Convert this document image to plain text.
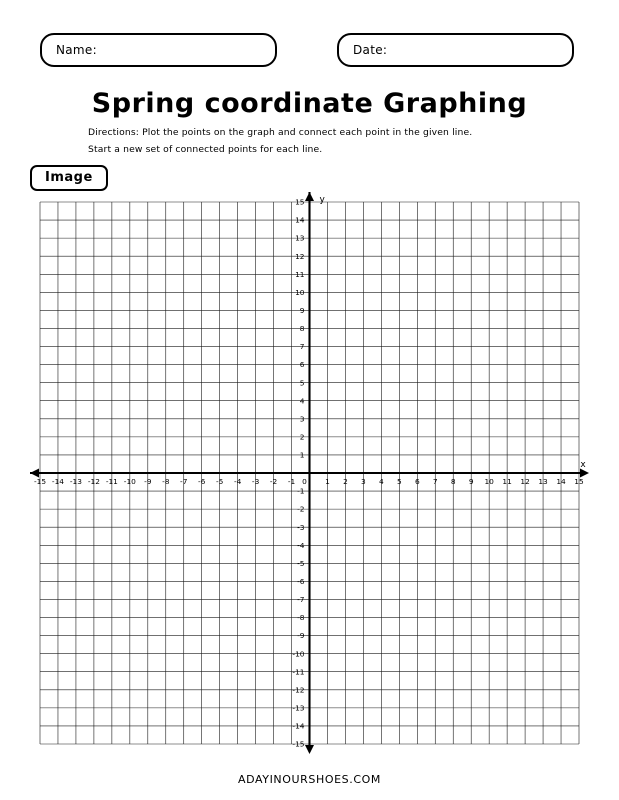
Name:	Date:
Spring coordinate Graphing
Directions: Plot the points on the graph and connect each point in the given line.
Start a new set of connected points for each line.
Image
-15 -14 -13 -12 -11 -10 -9 -8 -7 -6 -5 -4 -3 -2 -1	1 2 3 4 5 6 7 8 9 10 11 12 13 14 15
0
15
14
13
12
11
10
9
8
7
6
5
4
3
2
1
-1
-2
-3
-4
-5
-6
-7
-8
-9
-10
-11
-12
-13
-14
-15
y
x
ADAYINOURSHOES.COM
